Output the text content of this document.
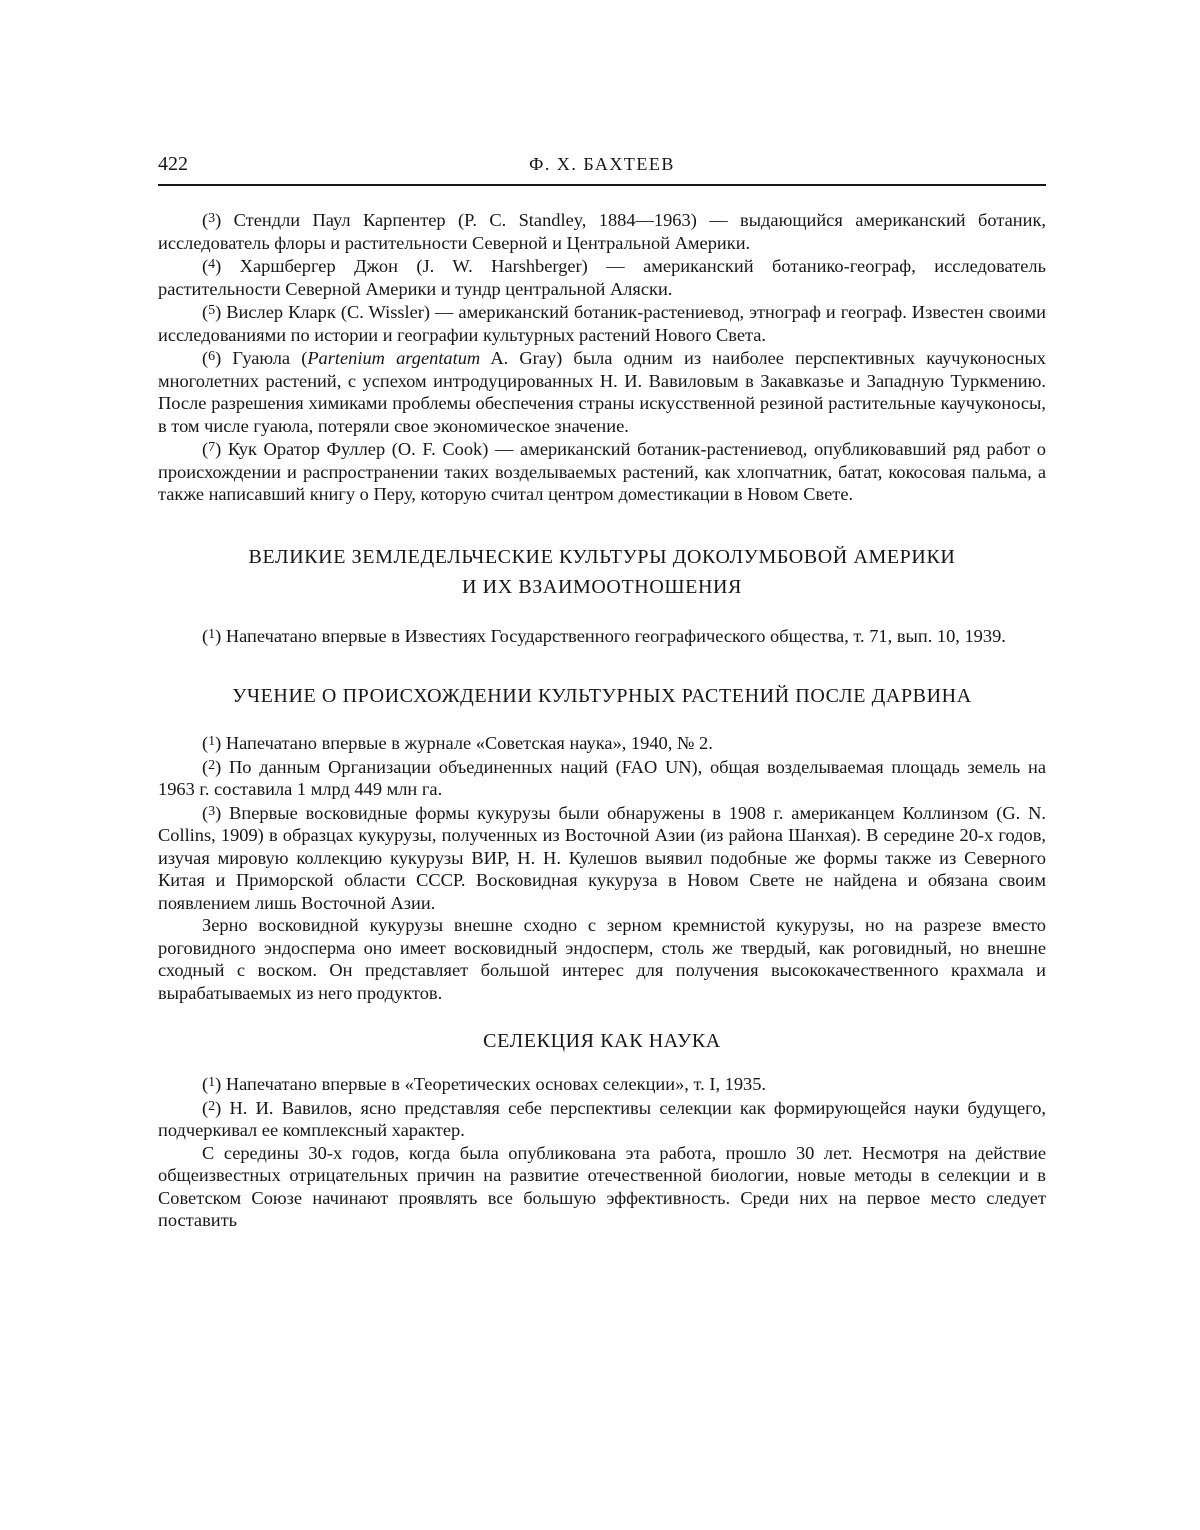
422	Ф. Х. БАХТЕЕВ

($^3$) Стендли Паул Карпентер (P. C. Standley, 1884—1963) — выдающийся американский ботаник, исследователь флоры и растительности Северной и Центральной Америки.

($^4$) Харшбергер Джон (J. W. Harshberger) — американский ботанико-географ, исследователь растительности Северной Америки и тундр центральной Аляски.

($^5$) Вислер Кларк (C. Wissler) — американский ботаник-растениевод, этнограф и географ. Известен своими исследованиями по истории и географии культурных растений Нового Света.

($^6$) Гуаюла (Partenium argentatum A. Gray) была одним из наиболее перспективных каучуконосных многолетних растений, с успехом интродуцированных Н. И. Вавиловым в Закавказье и Западную Туркмению. После разрешения химиками проблемы обеспечения страны искусственной резиной растительные каучуконосы, в том числе гуаюла, потеряли свое экономическое значение.

($^7$) Кук Оратор Фуллер (O. F. Cook) — американский ботаник-растениевод, опубликовавший ряд работ о происхождении и распространении таких возделываемых растений, как хлопчатник, батат, кокосовая пальма, а также написавший книгу о Перу, которую считал центром доместикации в Новом Свете.

ВЕЛИКИЕ ЗЕМЛЕДЕЛЬЧЕСКИЕ КУЛЬТУРЫ ДОКОЛУМБОВОЙ АМЕРИКИ
И ИХ ВЗАИМООТНОШЕНИЯ

($^1$) Напечатано впервые в Известиях Государственного географического общества, т. 71, вып. 10, 1939.

УЧЕНИЕ О ПРОИСХОЖДЕНИИ КУЛЬТУРНЫХ РАСТЕНИЙ ПОСЛЕ ДАРВИНА

($^1$) Напечатано впервые в журнале «Советская наука», 1940, № 2.

($^2$) По данным Организации объединенных наций (FAO UN), общая возделываемая площадь земель на 1963 г. составила 1 млрд 449 млн га.

($^3$) Впервые восковидные формы кукурузы были обнаружены в 1908 г. американцем Коллинзом (G. N. Collins, 1909) в образцах кукурузы, полученных из Восточной Азии (из района Шанхая). В середине 20-х годов, изучая мировую коллекцию кукурузы ВИР, Н. Н. Кулешов выявил подобные же формы также из Северного Китая и Приморской области СССР. Восковидная кукуруза в Новом Свете не найдена и обязана своим появлением лишь Восточной Азии.

Зерно восковидной кукурузы внешне сходно с зерном кремнистой кукурузы, но на разрезе вместо роговидного эндосперма оно имеет восковидный эндосперм, столь же твердый, как роговидный, но внешне сходный с воском. Он представляет большой интерес для получения высококачественного крахмала и вырабатываемых из него продуктов.

СЕЛЕКЦИЯ КАК НАУКА

($^1$) Напечатано впервые в «Теоретических основах селекции», т. I, 1935.

($^2$) Н. И. Вавилов, ясно представляя себе перспективы селекции как формирующейся науки будущего, подчеркивал ее комплексный характер.

С середины 30-х годов, когда была опубликована эта работа, прошло 30 лет. Несмотря на действие общеизвестных отрицательных причин на развитие отечественной биологии, новые методы в селекции и в Советском Союзе начинают проявлять все большую эффективность. Среди них на первое место следует поставить
